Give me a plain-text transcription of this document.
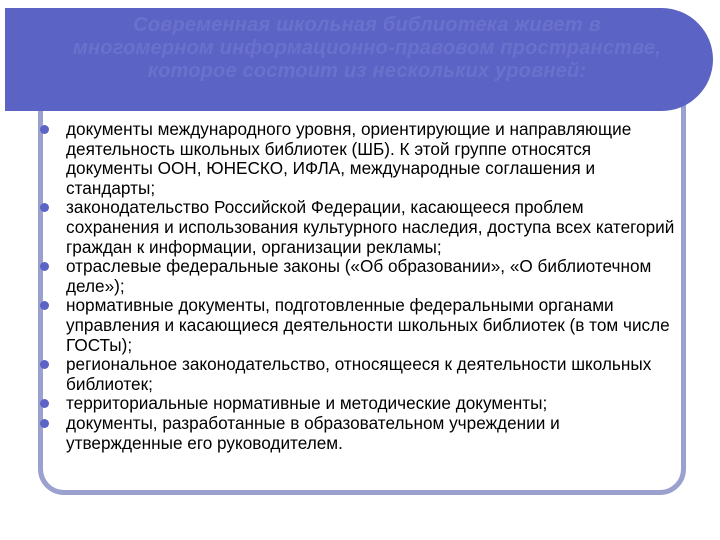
Современная школьная библиотека живет в многомерном информационно-правовом пространстве, которое состоит из нескольких уровней:
документы международного уровня, ориентирующие и направляющие деятельность школьных библиотек (ШБ). К этой группе относятся документы ООН, ЮНЕСКО, ИФЛА, международные соглашения и стандарты;
законодательство Российской Федерации, касающееся проблем сохранения и использования культурного наследия, доступа всех категорий граждан к информации, организации рекламы;
отраслевые федеральные законы («Об образовании», «О библиотечном деле»);
нормативные документы, подготовленные федеральными органами управления и касающиеся деятельности школьных библиотек (в том числе ГОСТы);
региональное законодательство, относящееся к деятельности школьных библиотек;
территориальные нормативные и методические документы;
документы, разработанные в образовательном учреждении и утвержденные его руководителем.
